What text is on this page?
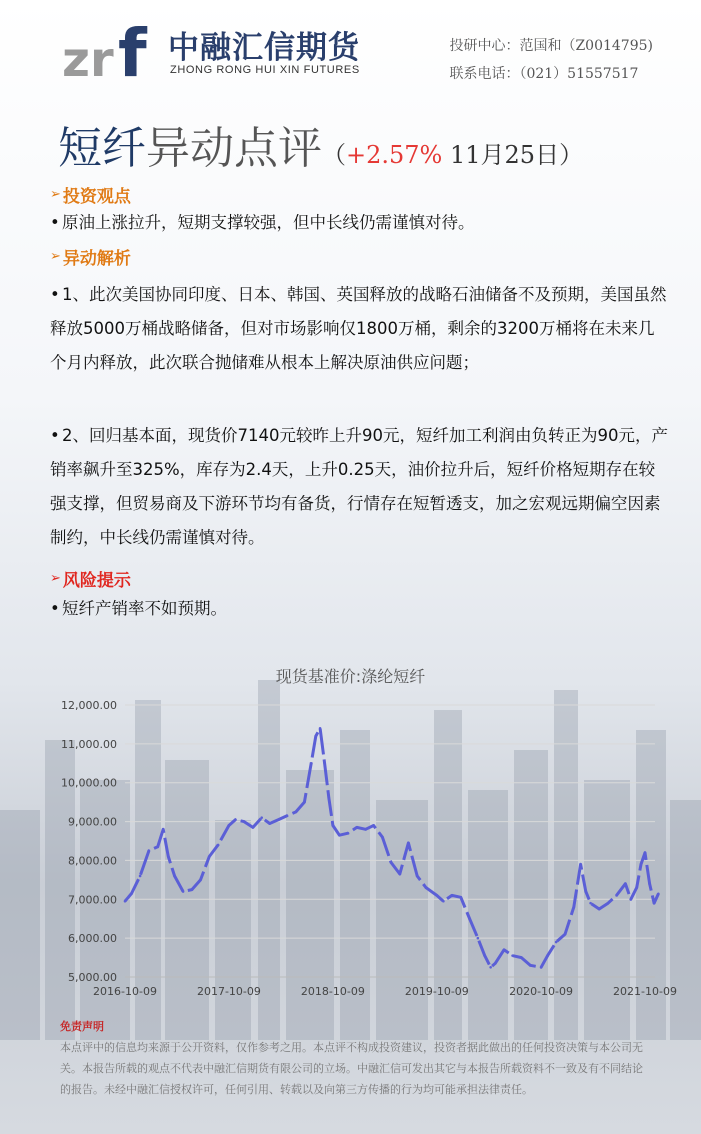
zr f 中融汇信期货
ZHONG RONG HUI XIN FUTURES
投研中心：范国和（Z0014795)
联系电话：（021）51557517
短纤异动点评（+2.57% 11月25日）
➢ 投资观点
• 原油上涨拉升，短期支撑较强，但中长线仍需谨慎对待。
➢ 异动解析
• 1、此次美国协同印度、日本、韩国、英国释放的战略石油储备不及预期，美国虽然释放5000万桶战略储备，但对市场影响仅1800万桶，剩余的3200万桶将在未来几个月内释放，此次联合抛储难从根本上解决原油供应问题；
• 2、回归基本面，现货价7140元较昨上升90元，短纤加工利润由负转正为90元，产销率飙升至325%，库存为2.4天，上升0.25天，油价拉升后，短纤价格短期存在较强支撑，但贸易商及下游环节均有备货，行情存在短暂透支，加之宏观远期偏空因素制约，中长线仍需谨慎对待。
➢ 风险提示
• 短纤产销率不如预期。
现货基准价:涤纶短纤
12,000.00
11,000.00
10,000.00
9,000.00
8,000.00
7,000.00
6,000.00
5,000.00
2016-10-09	2017-10-09	2018-10-09	2019-10-09	2020-10-09	2021-10-09
免责声明
本点评中的信息均来源于公开资料，仅作参考之用。本点评不构成投资建议，投资者据此做出的任何投资决策与本公司无关。本报告所载的观点不代表中融汇信期货有限公司的立场。中融汇信可发出其它与本报告所载资料不一致及有不同结论的报告。未经中融汇信授权许可，任何引用、转载以及向第三方传播的行为均可能承担法律责任。
